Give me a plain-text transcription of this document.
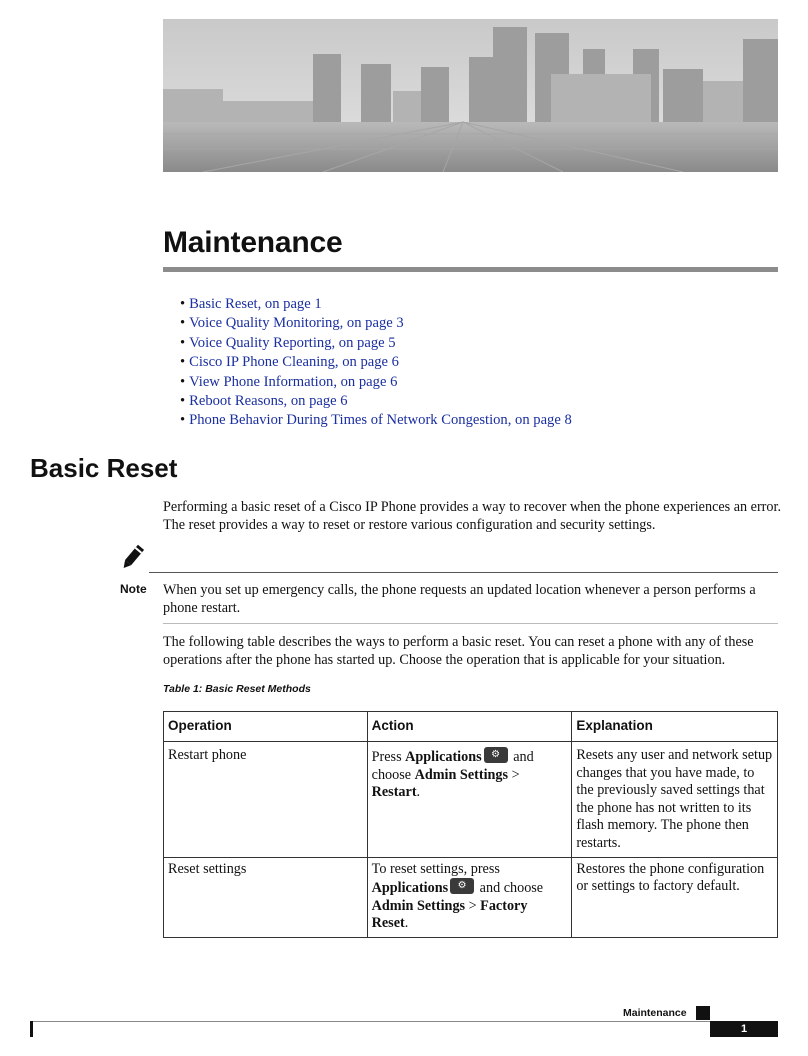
Maintenance
• Basic Reset, on page 1
• Voice Quality Monitoring, on page 3
• Voice Quality Reporting, on page 5
• Cisco IP Phone Cleaning, on page 6
• View Phone Information, on page 6
• Reboot Reasons, on page 6
• Phone Behavior During Times of Network Congestion, on page 8
Basic Reset
Performing a basic reset of a Cisco IP Phone provides a way to recover when the phone experiences an error. The reset provides a way to reset or restore various configuration and security settings.
Note When you set up emergency calls, the phone requests an updated location whenever a person performs a phone restart.
The following table describes the ways to perform a basic reset. You can reset a phone with any of these operations after the phone has started up. Choose the operation that is applicable for your situation.
Table 1: Basic Reset Methods
Operation	Action	Explanation
Restart phone	Press Applications⚙ and choose Admin Settings > Restart.	Resets any user and network setup changes that you have made, to the previously saved settings that the phone has not written to its flash memory. The phone then restarts.
Reset settings	To reset settings, press Applications⚙ and choose Admin Settings > Factory Reset.	Restores the phone configuration or settings to factory default.
Maintenance
1
